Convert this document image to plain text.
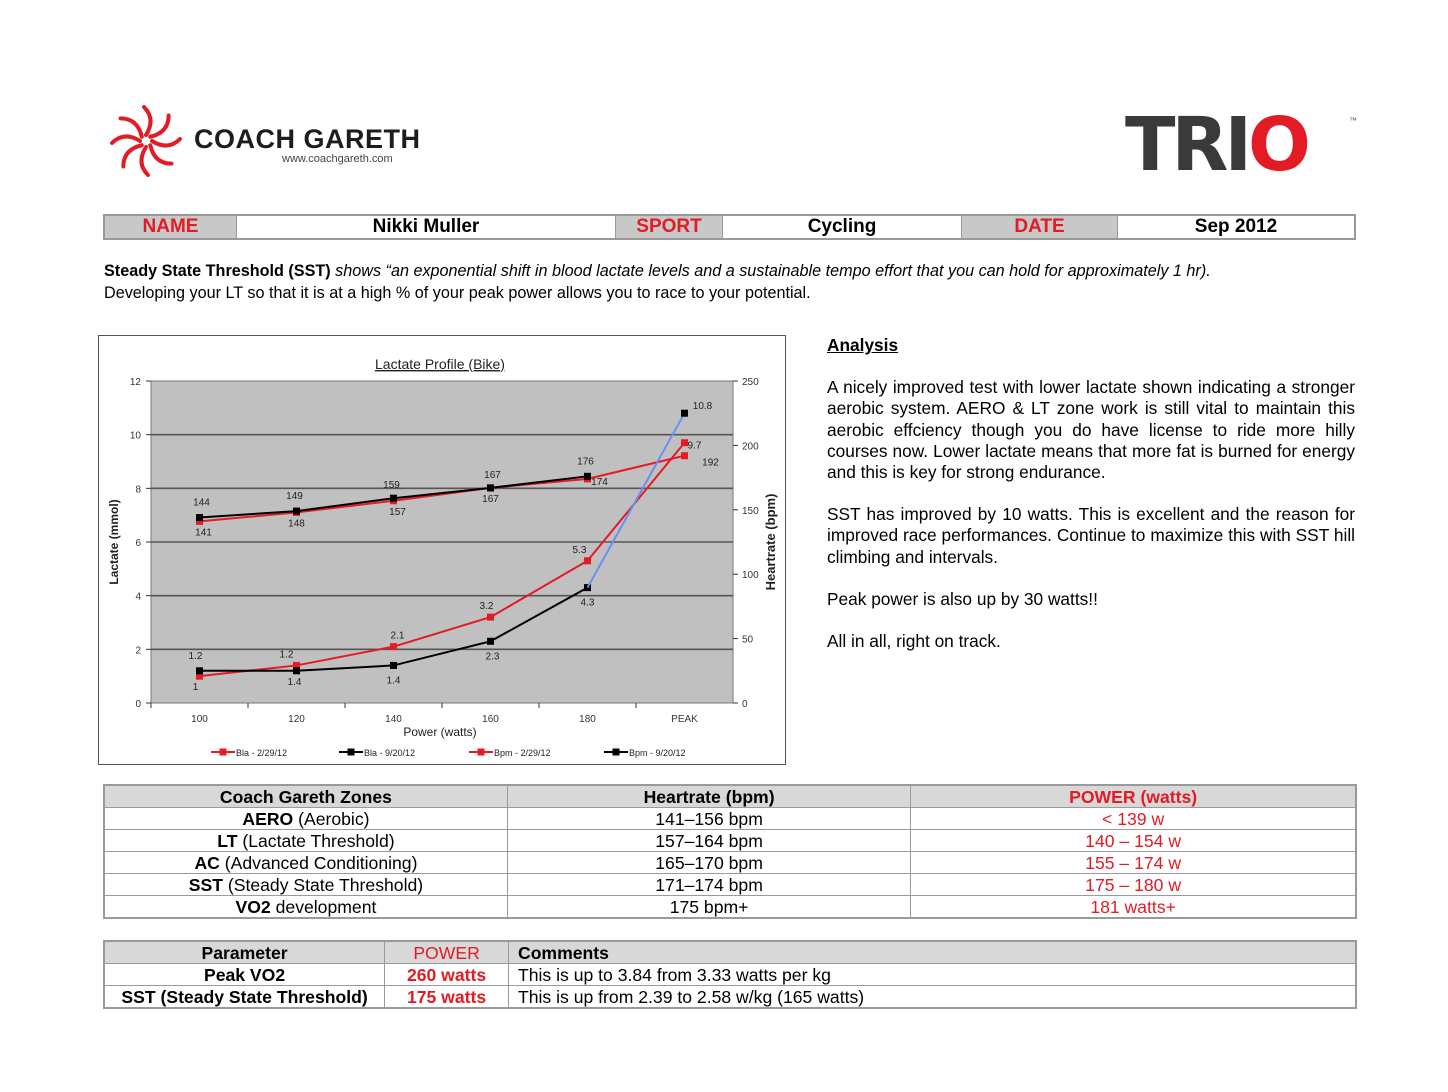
COACH GARETH
www.coachgareth.com	TRIO	™
NAME	Nikki Muller	SPORT	Cycling	DATE	Sep 2012
Steady State Threshold (SST) shows “an exponential shift in blood lactate levels and a sustainable tempo effort that you can hold for approximately 1 hr).
Developing your LT so that it is at a high % of your peak power allows you to race to your potential.
Lactate Profile (Bike)
0
2
4
6
8
10
12
0
50
100
150
200
250
100	120	140	160	180	PEAK
1
1.2
2.1
3.2
5.3
9.7
1.2
1.4	1.4
2.3
4.3
141
148
157
167
174
192
144
149
159
167
176
10.8
Power (watts)
Lactate (mmol)	Heartrate (bpm)
Bla - 2/29/12	Bla - 9/20/12	Bpm - 2/29/12	Bpm - 9/20/12
Analysis

A nicely improved test with lower lactate shown indicating a stronger aerobic system. AERO & LT zone work is still vital to maintain this aerobic effciency though you do have license to ride more hilly courses now. Lower lactate means that more fat is burned for energy and this is key for strong endurance.

SST has improved by 10 watts. This is excellent and the reason for improved race performances. Continue to maximize this with SST hill climbing and intervals.

Peak power is also up by 30 watts!!

All in all, right on track.

Coach Gareth Zones	Heartrate (bpm)	POWER (watts)
AERO (Aerobic)	141–156 bpm	< 139 w
LT (Lactate Threshold)	157–164 bpm	140 – 154 w
AC (Advanced Conditioning)	165–170 bpm	155 – 174 w
SST (Steady State Threshold)	171–174 bpm	175 – 180 w
VO2 development	175 bpm+	181 watts+
Parameter	POWER	Comments
Peak VO2	260 watts	This is up to 3.84 from 3.33 watts per kg
SST (Steady State Threshold)	175 watts	This is up from 2.39 to 2.58 w/kg (165 watts)
